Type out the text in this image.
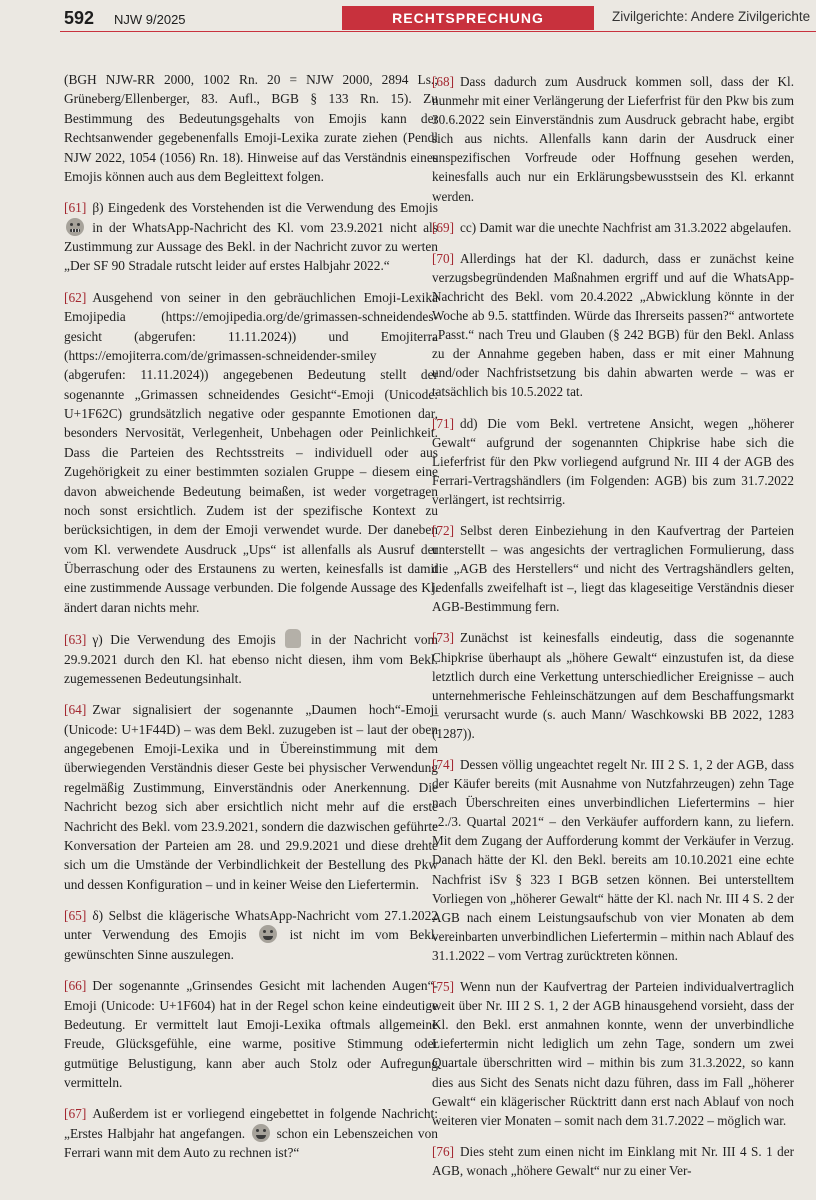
592 NJW 9/2025	RECHTSPRECHUNG	Zivilgerichte: Andere Zivilgerichte

(BGH NJW-RR 2000, 1002 Rn. 20 = NJW 2000, 2894 Ls.; Grüneberg/Ellenberger, 83. Aufl., BGB § 133 Rn. 15). Zu Bestimmung des Bedeutungsgehalts von Emojis kann der Rechtsanwender gegebenenfalls Emoji-Lexika zurate ziehen (Pendl NJW 2022, 1054 (1056) Rn. 18). Hinweise auf das Verständnis eines Emojis können auch aus dem Begleittext folgen.

[61] β) Eingedenk des Vorstehenden ist die Verwendung des Emojis
in der WhatsApp-Nachricht des Kl. vom 23.9.2021 nicht als Zustimmung zur Aussage des Bekl. in der Nachricht zuvor zu werten „Der SF 90 Stradale rutscht leider auf erstes Halbjahr 2022.“

[62] Ausgehend von seiner in den gebräuchlichen Emoji-Lexika Emojipedia (https://emojipedia.org/de/grimassen-schneidendes-gesicht (abgerufen: 11.11.2024)) und Emojiterra (https://emojiterra.com/de/grimassen-schneidender-smiley (abgerufen: 11.11.2024)) angegebenen Bedeutung stellt der sogenannte „Grimassen schneidendes Gesicht“-Emoji (Unicode: U+1F62C) grundsätzlich negative oder gespannte Emotionen dar, besonders Nervosität, Verlegenheit, Unbehagen oder Peinlichkeit. Dass die Parteien des Rechtsstreits – individuell oder aus Zugehörigkeit zu einer bestimmten sozialen Gruppe – diesem eine davon abweichende Bedeutung beimaßen, ist weder vorgetragen noch sonst ersichtlich. Zudem ist der spezifische Kontext zu berücksichtigen, in dem der Emoji verwendet wurde. Der daneben vom Kl. verwendete Ausdruck „Ups“ ist allenfalls als Ausruf der Überraschung oder des Erstaunens zu werten, keinesfalls ist damit eine zustimmende Aussage verbunden. Die folgende Aussage des Kl. ändert daran nichts mehr.

[63] γ) Die Verwendung des Emojis	in der Nachricht vom 29.9.2021 durch den Kl. hat ebenso nicht diesen, ihm vom Bekl. zugemessenen Bedeutungsinhalt.

[64] Zwar signalisiert der sogenannte „Daumen hoch“-Emoji (Unicode: U+1F44D) – was dem Bekl. zuzugeben ist – laut der oben angegebenen Emoji-Lexika und in Übereinstimmung mit dem überwiegenden Verständnis dieser Geste bei physischer Verwendung regelmäßig Zustimmung, Einverständnis oder Anerkennung. Die Nachricht bezog sich aber ersichtlich nicht mehr auf die erste Nachricht des Bekl. vom 23.9.2021, sondern die dazwischen geführte Konversation der Parteien am 28. und 29.9.2021 und diese drehte sich um die Umstände der Verbindlichkeit der Bestellung des Pkw und dessen Konfiguration – und in keiner Weise den Liefertermin.

[65] δ) Selbst die klägerische WhatsApp-Nachricht vom 27.1.2022 unter Verwendung des Emojis	ist nicht im vom Bekl. gewünschten Sinne auszulegen.

[66] Der sogenannte „Grinsendes Gesicht mit lachenden Augen“-Emoji (Unicode: U+1F604) hat in der Regel schon keine eindeutige Bedeutung. Er vermittelt laut Emoji-Lexika oftmals allgemeine Freude, Glücksgefühle, eine warme, positive Stimmung oder gutmütige Belustigung, kann aber auch Stolz oder Aufregung vermitteln.

[67] Außerdem ist er vorliegend eingebettet in folgende Nachricht: „Erstes Halbjahr hat angefangen. schon ein Lebenszeichen von Ferrari wann mit dem Auto zu rechnen ist?“

[68] Dass dadurch zum Ausdruck kommen soll, dass der Kl. nunmehr mit einer Verlängerung der Lieferfrist für den Pkw bis zum 30.6.2022 sein Einverständnis zum Ausdruck gebracht habe, ergibt sich aus nichts. Allenfalls kann darin der Ausdruck einer unspezifischen Vorfreude oder Hoffnung gesehen werden, keinesfalls auch nur ein Erklärungsbewusstsein des Kl. erkannt werden.

[69] cc) Damit war die unechte Nachfrist am 31.3.2022 abgelaufen.

[70] Allerdings hat der Kl. dadurch, dass er zunächst keine verzugsbegründenden Maßnahmen ergriff und auf die WhatsApp-Nachricht des Bekl. vom 20.4.2022 „Abwicklung könnte in der Woche ab 9.5. stattfinden. Würde das Ihrerseits passen?“ antwortete „Passt.“ nach Treu und Glauben (§ 242 BGB) für den Bekl. Anlass zu der Annahme gegeben haben, dass er mit einer Mahnung und/oder Nachfristsetzung bis dahin abwarten werde – was er tatsächlich bis 10.5.2022 tat.

[71] dd) Die vom Bekl. vertretene Ansicht, wegen „höherer Gewalt“ aufgrund der sogenannten Chipkrise habe sich die Lieferfrist für den Pkw vorliegend aufgrund Nr. III 4 der AGB des Ferrari-Vertragshändlers (im Folgenden: AGB) bis zum 31.7.2022 verlängert, ist rechtsirrig.

[72] Selbst deren Einbeziehung in den Kaufvertrag der Parteien unterstellt – was angesichts der vertraglichen Formulierung, dass die „AGB des Herstellers“ und nicht des Vertragshändlers gelten, jedenfalls zweifelhaft ist –, liegt das klageseitige Verständnis dieser AGB-Bestimmung fern.

[73] Zunächst ist keinesfalls eindeutig, dass die sogenannte Chipkrise überhaupt als „höhere Gewalt“ einzustufen ist, da diese letztlich durch eine Verkettung unterschiedlicher Ereignisse – auch unternehmerische Fehleinschätzungen auf dem Beschaffungsmarkt – verursacht wurde (s. auch Mann/ Waschkowski BB 2022, 1283 (1287)).

[74] Dessen völlig ungeachtet regelt Nr. III 2 S. 1, 2 der AGB, dass der Käufer bereits (mit Ausnahme von Nutzfahrzeugen) zehn Tage nach Überschreiten eines unverbindlichen Liefertermins – hier „2./3. Quartal 2021“ – den Verkäufer auffordern kann, zu liefern. Mit dem Zugang der Aufforderung kommt der Verkäufer in Verzug. Danach hätte der Kl. den Bekl. bereits am 10.10.2021 eine echte Nachfrist iSv § 323 I BGB setzen können. Bei unterstelltem Vorliegen von „höherer Gewalt“ hätte der Kl. nach Nr. III 4 S. 2 der AGB nach einem Leistungsaufschub von vier Monaten ab dem vereinbarten unverbindlichen Liefertermin – mithin nach Ablauf des 31.1.2022 – vom Vertrag zurücktreten können.

[75] Wenn nun der Kaufvertrag der Parteien individualvertraglich weit über Nr. III 2 S. 1, 2 der AGB hinausgehend vorsieht, dass der Kl. den Bekl. erst anmahnen konnte, wenn der unverbindliche Liefertermin nicht lediglich um zehn Tage, sondern um zwei Quartale überschritten wird – mithin bis zum 31.3.2022, so kann dies aus Sicht des Senats nicht dazu führen, dass im Fall „höherer Gewalt“ ein klägerischer Rücktritt dann erst nach Ablauf von noch weiteren vier Monaten – somit nach dem 31.7.2022 – möglich war.

[76] Dies steht zum einen nicht im Einklang mit Nr. III 4 S. 1 der AGB, wonach „höhere Gewalt“ nur zu einer Ver-
